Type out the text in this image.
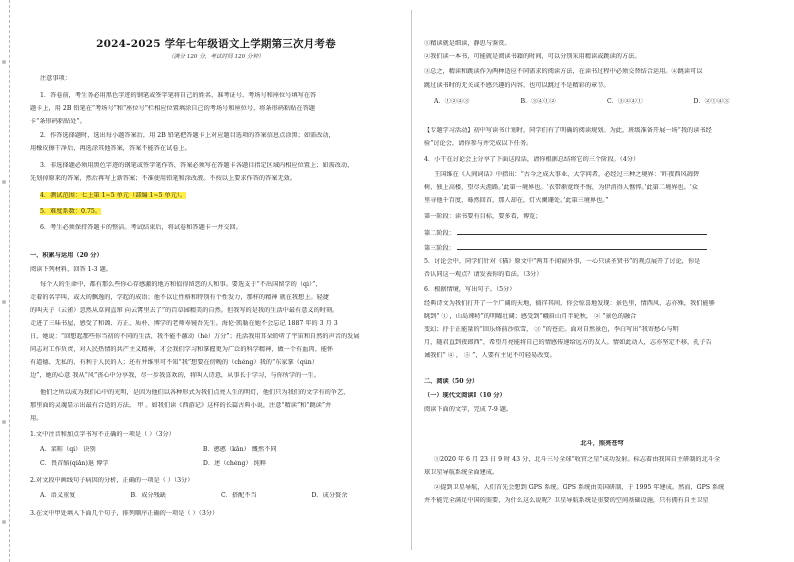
2024-2025 学年七年级语文上学期第三次月考卷
（满分 120 分，考试时间 120 分钟）
注意事项：
1．答卷前，考生务必用黑色字迹的钢笔或签字笔将自己的姓名、准考证号、考场号和座位号填写在答
题卡上，用 2B 铅笔在“考场号”和“座位号”栏相应位置填涂自己的考场号和座位号，将条形码粘贴在答题
卡“条形码粘贴处”。
2．作答选择题时，选出每小题答案后，用 2B 铅笔把答题卡上对应题目选项的答案信息点涂黑；如需改动，
用橡皮擦干净后，再选涂其他答案，答案不能答在试卷上。
3．非选择题必须用黑色字迹的钢笔或签字笔作答，答案必须写在答题卡各题目指定区域内相应位置上；如需改动，
先划掉原来的答案，然后再写上新答案；不准使用铅笔和涂改液。不按以上要求作答的答案无效。
4．测试范围：七上第 1~5 单元（部编 1~5 单元）。
5．难度系数：0.75。
6．考生必须保持答题卡的整洁。考试结束后，将试卷和答题卡一并交回。
一、积累与运用（20 分）
阅读下列材料，回答 1-3 题。
每个人的生命中，都有那么些你心存感激的地方和值得留恋的人和事。要选支于“不出国留学的（qi）”，
走着的名字叫，或大的飘逸的，学起的成语；他不以让性格和特别有个性发力，那样的精神 就在我想上。轻捷
的叫天子（云雀）忽然从草间直窜 向云霄里去了”的百草园精美的自然。但我写的是我的生活中最有意义的时刻。
走进了三味书屋，感受了和蔼、方正、质朴、博学的老师寿镜吾先生。海伦·凯勒在她不会忘记 1887 年的 3 月 3
日，她说：“回想起那些你当初的不同的生活，我不能不激动（hè）万分”；托活我用耳朵聆听了宇宙和自然的声音的发展
同志对工作负责，对人民热情的共产主义精神，才会我们学习和掌握更为广泛的科学精神，做一个有血肉、能怀
有道德、无私的、有利于人民的人；还有并维里可不知“我”想要在傍晚的（chéng）我的“东家掌（qún）
边”，她的心意 我从“风”丧心中分享我，尽一步我喜欢的，将叫人诗意，从事长于学习，与你所学的一生。
他们之所以成为我们心中的光明，是因为他们以各种形式为我们点亮人生的明灯，他们只为我们的文学有的争艺，
那里面的灵魂显示出最有合适的方法。 甲 。如我们读《西游记》这样的长篇古典小说，注意“精读”和“跳读”并
用。
1.文中注音和加点字书写不正确的一项是（ ）（3分）
A．菜畦（qí） 诀别	B．憨憨（kān） 慨然不同
C．畏首缩(qiǎn)退 博学	D．述（chéng） 纯粹
2.对文段中画线句子病因的分析，正确的一项是（ ）（3分）
A．语义重复	B．成分残缺	C．搭配不当	D．成分赘余
3.在文中甲处填入下面几个句子，排列顺序正确的一项是（ ）（3分）
①精读就是细读，静思与鉴赏。
②我们读一本书，可能就是阅读书籍的时间，可以分别采用精读或跳读的方法。
③总之，精读和跳读作为两种适应不同需求的阅读方法，在读书过程中必须交替结合运用。④跳读可以
跳过读书时的无关或不感兴趣的内容，也可以跳过不是精彩的章节。
A．①②④③	B．③④①②	C．③②④①	D．②①④③
【专题学习活动】初中写读书计划时，同学们有了明确的阅读规划。为此，班级准备开展一场“我的读书经
验”讨论会，请你参与并完成以下任务。
4．小干在讨论会上分享了下面这段话，请你根据总结将它的三个阶段。（4分）
王国维在《人间词话》中指出：“古今之成大事业、大学问者，必经过三种之境界：‘昨夜西风凋碧
树，独上高楼，望尽天涯路。’此第一境界也。‘衣带渐宽终不悔，为伊消得人憔悴。’此第二境界也。‘众
里寻他千百度，蓦然回首，那人却在，灯火阑珊处。’此第三境界也。”
第一阶段：读书要有目标，要多看，博览；
第二阶段：
第三阶段：
5．讨论会中，同学们针对《猫》原文中“两耳不闻窗外事，一心只读圣贤书”的观点展开了讨论，你是
否认同这一观点？请发表你的看法。（3分）
6．根据情境，写出句子。（5分）
经典诗文为我们打开了一个广阔的天地，徜徉其间，你会惊喜地发现：景色里，情西风、志亦殊，我们能够
眺到“ ① ，山岛竦峙”的明曜壮阔；感受到“峨眉山月半轮秋， ② ”景色的融合
变幻；抒于正能量的“回乐烽前沙似雪， ③ ”的苍茫。面对自然景色，李白写出“我寄愁心与明
月，随君直到夜郎西”，希望月亮能将自己的情感传递给远方的友人。情如此动人，志亦坚定不移，孔子告
诫我们“ ④ ， ⑤ ”，人要有主见不可轻易改变。
二、阅读（50 分）
（一）现代文阅读Ⅰ（10 分）
阅读下面的文字，完成 7-9 题。
北斗，照亮苍穹
①2020 年 6 月 23 日 9 时 43 分，北斗三号全球“收官之星”成功发射。标志着由我国自主研制的北斗全
球卫星导航系统全面建成。
②提到卫星导航，人们首先会想到 GPS 系统。GPS 系统由美国研制，于 1995 年建成。然而，GPS 系统
并不能完全满足中国的需要，为什么这么说呢？卫星导航系统是重要的空间基础设施，只有拥有自主卫星
